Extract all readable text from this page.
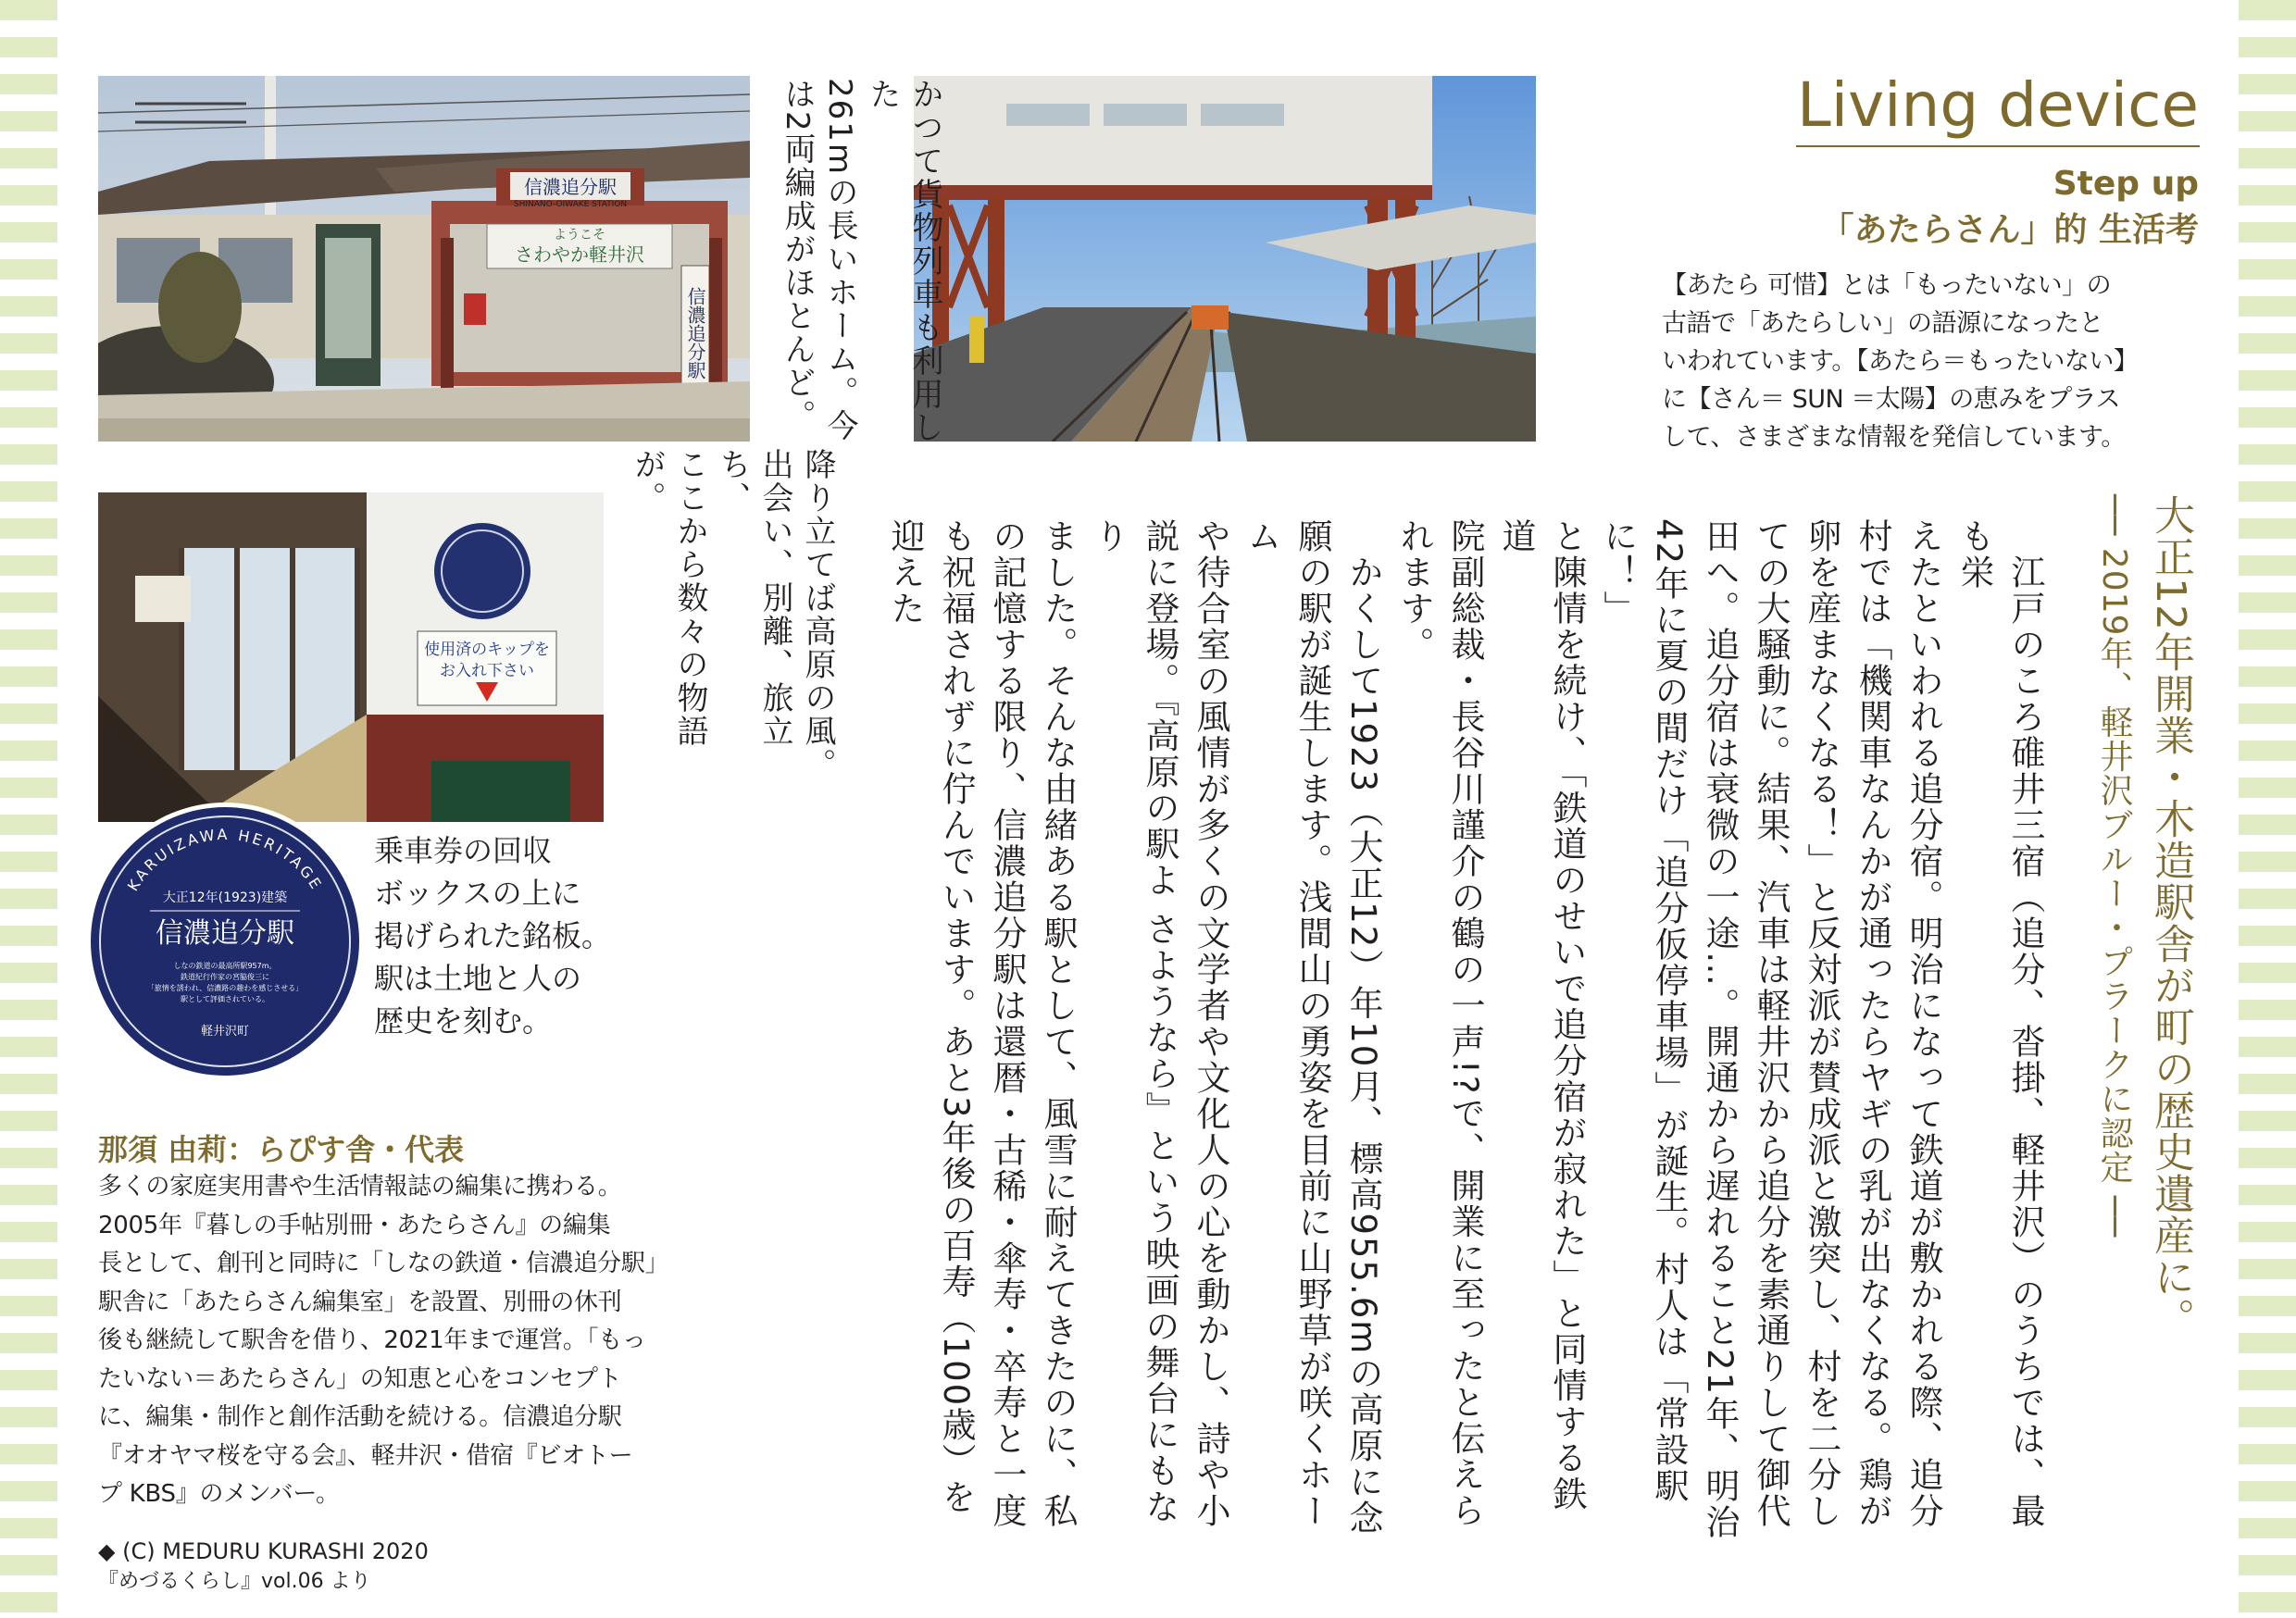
信濃追分駅
ようこそ
さわやか軽井沢
SHINANO-OIWAKE STATION
信濃追分駅
使用済のキップを
お入れ下さい
KARUIZAWA HERITAGE
大正12年(1923)建築
信濃追分駅
しなの鉄道の最高所駅957m。
鉄道紀行作家の宮脇俊三に
「旅情を誘われ、信濃路の趣わを感じさせる」
駅として評価されている。
軽井沢町
かつて貨物列車も利用した
261mの長いホーム。今
は2両編成がほとんど。
降り立てば高原の風。
出会い、別離、旅立ち、
ここから数々の物語が。
乗車券の回収
ボックスの上に
掲げられた銘板。
駅は土地と人の
歴史を刻む。
Living device
Step up
「あたらさん」的 生活考
【あたら 可惜】とは「もったいない」の
古語で「あたらしい」の語源になったと
いわれています。【あたら＝もったいない】
に【さん＝ SUN ＝太陽】の恵みをプラス
して、さまざまな情報を発信しています。
大正12年開業・木造駅舎が町の歴史遺産に。
── 2019年、軽井沢ブルー・プラークに認定 ──
　江戸のころ碓井三宿（追分、沓掛、軽井沢）のうちでは、最も栄
えたといわれる追分宿。明治になって鉄道が敷かれる際、追分
村では「機関車なんかが通ったらヤギの乳が出なくなる。鶏が
卵を産まなくなる！」と反対派が賛成派と激突し、村を二分し
ての大騒動に。結果、汽車は軽井沢から追分を素通りして御代
田へ。追分宿は衰微の一途…。開通から遅れること21年、明治
42年に夏の間だけ「追分仮停車場」が誕生。村人は「常設駅に！」
と陳情を続け、「鉄道のせいで追分宿が寂れた」と同情する鉄道
院副総裁・長谷川謹介の鶴の一声!?で、開業に至ったと伝えら
れます。
　かくして1923（大正12）年10月、標高955.6mの高原に念
願の駅が誕生します。浅間山の勇姿を目前に山野草が咲くホーム
や待合室の風情が多くの文学者や文化人の心を動かし、詩や小
説に登場。『高原の駅よ さようなら』という映画の舞台にもなり
ました。そんな由緒ある駅として、風雪に耐えてきたのに、私
の記憶する限り、信濃追分駅は還暦・古稀・傘寿・卒寿と一度
も祝福されずに佇んでいます。あと3年後の百寿（100歳）を迎えた
那須 由莉：らぴす舎・代表
多くの家庭実用書や生活情報誌の編集に携わる。
2005年『暮しの手帖別冊・あたらさん』の編集
長として、創刊と同時に「しなの鉄道・信濃追分駅」
駅舎に「あたらさん編集室」を設置、別冊の休刊
後も継続して駅舎を借り、2021年まで運営。「もっ
たいない＝あたらさん」の知恵と心をコンセプト
に、編集・制作と創作活動を続ける。信濃追分駅
『オオヤマ桜を守る会』、軽井沢・借宿『ビオトー
プ KBS』のメンバー。
◆ (C) MEDURU KURASHI 2020
『めづるくらし』vol.06 より
